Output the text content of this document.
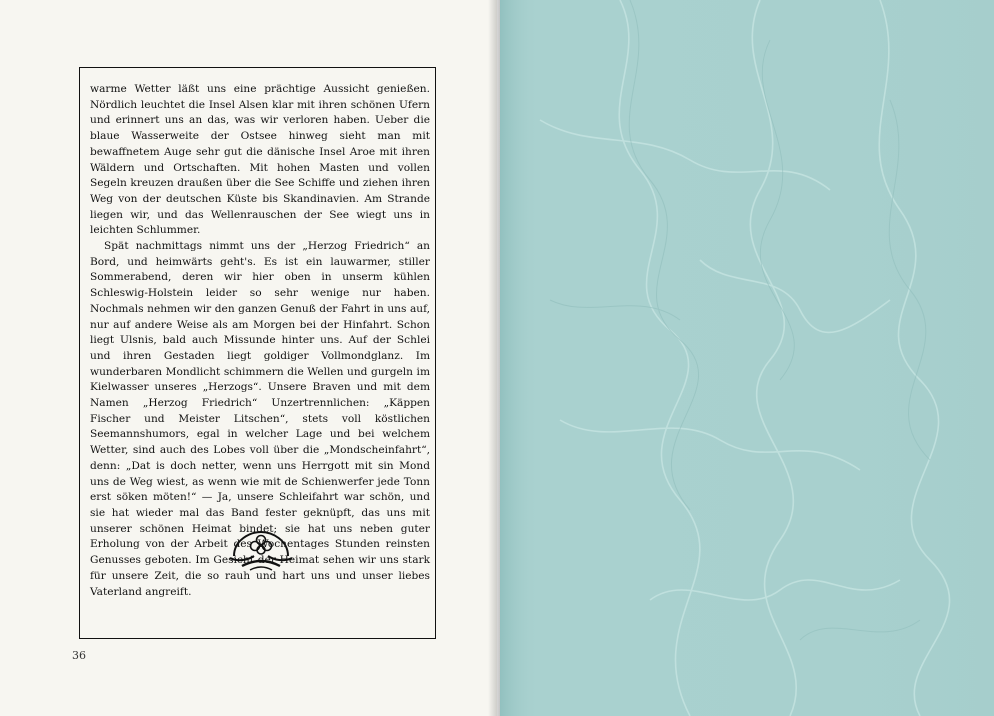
warme Wetter läßt uns eine prächtige Aussicht genießen. Nördlich leuchtet die Insel Alsen klar mit ihren schönen Ufern und erinnert uns an das, was wir verloren haben. Ueber die blaue Wasserweite der Ostsee hinweg sieht man mit bewaffnetem Auge sehr gut die dänische Insel Aroe mit ihren Wäldern und Ortschaften. Mit hohen Masten und vollen Segeln kreuzen draußen über die See Schiffe und ziehen ihren Weg von der deutschen Küste bis Skandinavien. Am Strande liegen wir, und das Wellenrauschen der See wiegt uns in leichten Schlummer.

Spät nachmittags nimmt uns der „Herzog Friedrich“ an Bord, und heimwärts geht's. Es ist ein lauwarmer, stiller Sommerabend, deren wir hier oben in unserm kühlen Schleswig-Holstein leider so sehr wenige nur haben. Nochmals nehmen wir den ganzen Genuß der Fahrt in uns auf, nur auf andere Weise als am Morgen bei der Hinfahrt. Schon liegt Ulsnis, bald auch Missunde hinter uns. Auf der Schlei und ihren Gestaden liegt goldiger Vollmondglanz. Im wunderbaren Mondlicht schimmern die Wellen und gurgeln im Kielwasser unseres „Herzogs“. Unsere Braven und mit dem Namen „Herzog Friedrich“ Unzertrennlichen: „Käppen Fischer und Meister Litschen“, stets voll köstlichen Seemannshumors, egal in welcher Lage und bei welchem Wetter, sind auch des Lobes voll über die „Mondscheinfahrt“, denn: „Dat is doch netter, wenn uns Herrgott mit sin Mond uns de Weg wiest, as wenn wie mit de Schienwerfer jede Tonn erst söken möten!“ — Ja, unsere Schleifahrt war schön, und sie hat wieder mal das Band fester geknüpft, das uns mit unserer schönen Heimat bindet; sie hat uns neben guter Erholung von der Arbeit des Wochentages Stunden reinsten Genusses geboten. Im Gesicht der Heimat sehen wir uns stark für unsere Zeit, die so rauh und hart uns und unser liebes Vaterland angreift.

36
